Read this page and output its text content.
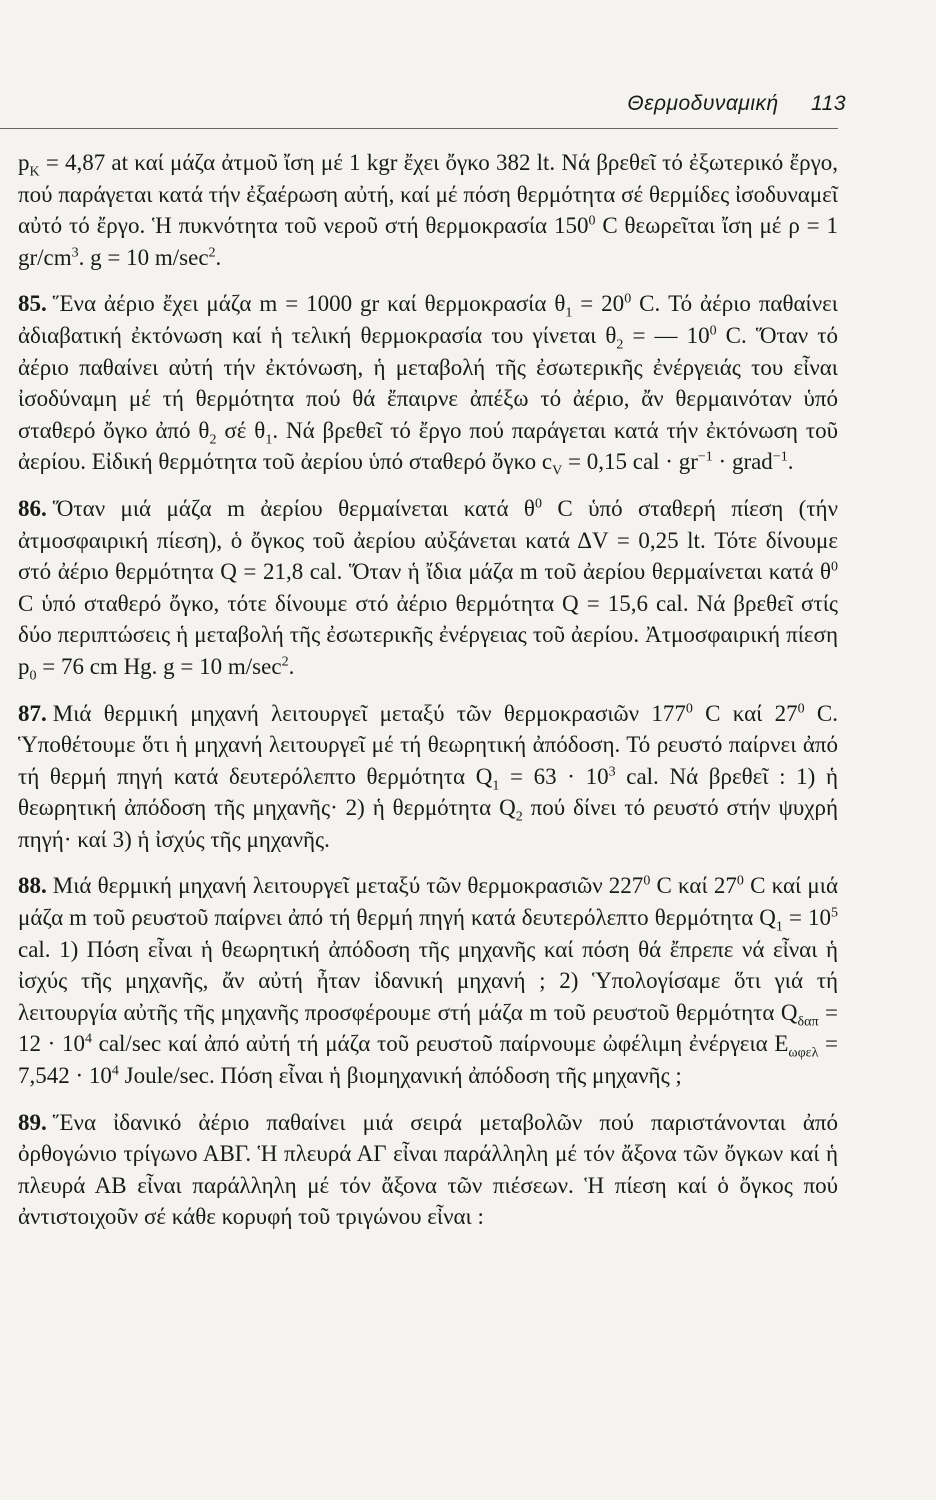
Θερμοδυναμική 113

$p_K = 4,87$ at καί μάζα ἀτμοῦ ἴση μέ 1 kgr ἔχει ὄγκο 382 lt. Νά βρεθεῖ τό ἐξωτερικό ἔργο, πού παράγεται κατά τήν ἐξαέρωση αὐτή, καί μέ πόση θερμότητα σέ θερμίδες ἰσοδυναμεῖ αὐτό τό ἔργο. Ἡ πυκνότητα τοῦ νεροῦ στή θερμοκρασία $150^0$ C θεωρεῖται ἴση μέ ρ = 1 $gr/cm^3$. g = 10 $m/\sec^2$.

85. Ἕνα ἀέριο ἔχει μάζα m = 1000 gr καί θερμοκρασία $\theta_1 = 20^0$ C. Τό ἀέριο παθαίνει ἀδιαβατική ἐκτόνωση καί ἡ τελική θερμοκρασία του γίνεται $\theta_2$ = — $10^0$ C. Ὅταν τό ἀέριο παθαίνει αὐτή τήν ἐκτόνωση, ἡ μεταβολή τῆς ἐσωτερικῆς ἐνέργειάς του εἶναι ἰσοδύναμη μέ τή θερμότητα πού θά ἔπαιρνε ἀπέξω τό ἀέριο, ἄν θερμαινόταν ὑπό σταθερό ὄγκο ἀπό $\theta_2$ σέ $\theta_1$. Νά βρεθεῖ τό ἔργο πού παράγεται κατά τήν ἐκτόνωση τοῦ ἀερίου. Εἰδική θερμότητα τοῦ ἀερίου ὑπό σταθερό ὄγκο $c_V = 0,15$ cal · $gr^{-1}$ · grad$^{-1}$.

86. Ὅταν μιά μάζα m ἀερίου θερμαίνεται κατά $\theta^0$ C ὑπό σταθερή πίεση (τήν ἀτμοσφαιρική πίεση), ὁ ὄγκος τοῦ ἀερίου αὐξάνεται κατά ΔV = 0,25 lt. Τότε δίνουμε στό ἀέριο θερμότητα Q = 21,8 cal. Ὅταν ἡ ἴδια μάζα m τοῦ ἀερίου θερμαίνεται κατά $\theta^0$ C ὑπό σταθερό ὄγκο, τότε δίνουμε στό ἀέριο θερμότητα Q = 15,6 cal. Νά βρεθεῖ στίς δύο περιπτώσεις ἡ μεταβολή τῆς ἐσωτερικῆς ἐνέργειας τοῦ ἀερίου. Ἀτμοσφαιρική πίεση $p_0 = 76$ cm Hg. g = 10 $m/\sec^2$.

87. Μιά θερμική μηχανή λειτουργεῖ μεταξύ τῶν θερμοκρασιῶν $177^0$ C καί $27^0$ C. Ὑποθέτουμε ὅτι ἡ μηχανή λειτουργεῖ μέ τή θεωρητική ἀπόδοση. Τό ρευστό παίρνει ἀπό τή θερμή πηγή κατά δευτερόλεπτο θερμότητα $Q_1 = 63 \cdot 10^3$ cal. Νά βρεθεῖ : 1) ἡ θεωρητική ἀπόδοση τῆς μηχανῆς· 2) ἡ θερμότητα $Q_2$ πού δίνει τό ρευστό στήν ψυχρή πηγή· καί 3) ἡ ἰσχύς τῆς μηχανῆς.

88. Μιά θερμική μηχανή λειτουργεῖ μεταξύ τῶν θερμοκρασιῶν $227^0$ C καί $27^0$ C καί μιά μάζα m τοῦ ρευστοῦ παίρνει ἀπό τή θερμή πηγή κατά δευτερόλεπτο θερμότητα $Q_1 = 10^5$ cal. 1) Πόση εἶναι ἡ θεωρητική ἀπόδοση τῆς μηχανῆς καί πόση θά ἔπρεπε νά εἶναι ἡ ἰσχύς τῆς μηχανῆς, ἄν αὐτή ἦταν ἰδανική μηχανή ; 2) Ὑπολογίσαμε ὅτι γιά τή λειτουργία αὐτῆς τῆς μηχανῆς προσφέρουμε στή μάζα m τοῦ ρευστοῦ θερμότητα $Q_{\delta\alpha\pi} = 12 \cdot 10^4$ cal/sec καί ἀπό αὐτή τή μάζα τοῦ ρευστοῦ παίρνουμε ὠφέλιμη ἐνέργεια $E_{\omega\varphi\varepsilon\lambda} = 7,542 \cdot 10^4$ Joule/sec. Πόση εἶναι ἡ βιομηχανική ἀπόδοση τῆς μηχανῆς ;

89. Ἕνα ἰδανικό ἀέριο παθαίνει μιά σειρά μεταβολῶν πού παριστάνονται ἀπό ὀρθογώνιο τρίγωνο ΑΒΓ. Ἡ πλευρά ΑΓ εἶναι παράλληλη μέ τόν ἄξονα τῶν ὄγκων καί ἡ πλευρά ΑΒ εἶναι παράλληλη μέ τόν ἄξονα τῶν πιέσεων. Ἡ πίεση καί ὁ ὄγκος πού ἀντιστοιχοῦν σέ κάθε κορυφή τοῦ τριγώνου εἶναι :
